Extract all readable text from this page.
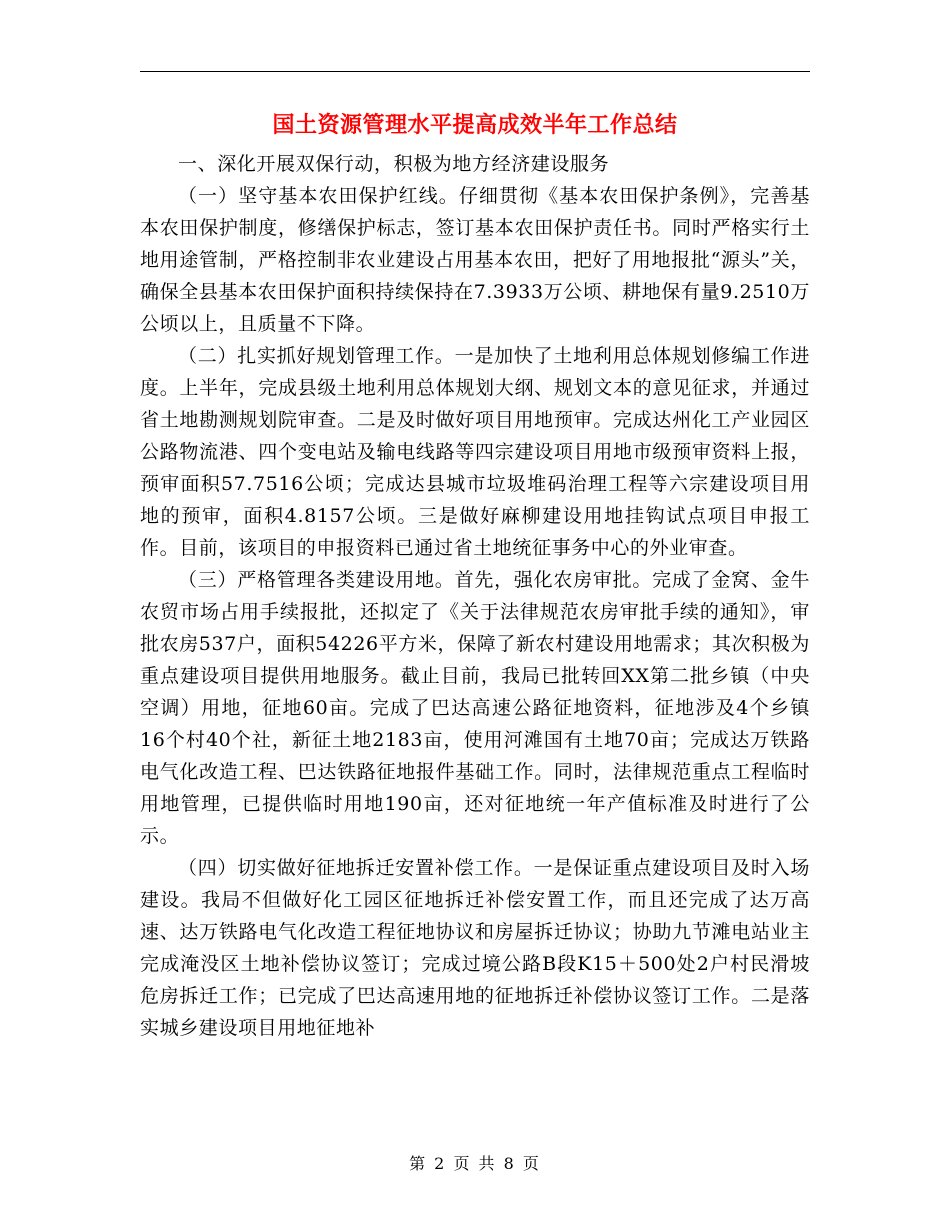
国土资源管理水平提高成效半年工作总结

一、深化开展双保行动，积极为地方经济建设服务

（一）坚守基本农田保护红线。仔细贯彻《基本农田保护条例》，完善基本农田保护制度，修缮保护标志，签订基本农田保护责任书。同时严格实行土地用途管制，严格控制非农业建设占用基本农田，把好了用地报批“源头”关，确保全县基本农田保护面积持续保持在7.3933万公顷、耕地保有量9.2510万公顷以上，且质量不下降。

（二）扎实抓好规划管理工作。一是加快了土地利用总体规划修编工作进度。上半年，完成县级土地利用总体规划大纲、规划文本的意见征求，并通过省土地勘测规划院审查。二是及时做好项目用地预审。完成达州化工产业园区公路物流港、四个变电站及输电线路等四宗建设项目用地市级预审资料上报，预审面积57.7516公顷；完成达县城市垃圾堆码治理工程等六宗建设项目用地的预审，面积4.8157公顷。三是做好麻柳建设用地挂钩试点项目申报工作。目前，该项目的申报资料已通过省土地统征事务中心的外业审查。

（三）严格管理各类建设用地。首先，强化农房审批。完成了金窝、金牛农贸市场占用手续报批，还拟定了《关于法律规范农房审批手续的通知》，审批农房537户，面积54226平方米，保障了新农村建设用地需求；其次积极为重点建设项目提供用地服务。截止目前，我局已批转回XX第二批乡镇（中央空调）用地，征地60亩。完成了巴达高速公路征地资料，征地涉及4个乡镇16个村40个社，新征土地2183亩，使用河滩国有土地70亩；完成达万铁路电气化改造工程、巴达铁路征地报件基础工作。同时，法律规范重点工程临时用地管理，已提供临时用地190亩，还对征地统一年产值标准及时进行了公示。

（四）切实做好征地拆迁安置补偿工作。一是保证重点建设项目及时入场建设。我局不但做好化工园区征地拆迁补偿安置工作，而且还完成了达万高速、达万铁路电气化改造工程征地协议和房屋拆迁协议；协助九节滩电站业主完成淹没区土地补偿协议签订；完成过境公路B段K15＋500处2户村民滑坡危房拆迁工作；已完成了巴达高速用地的征地拆迁补偿协议签订工作。二是落实城乡建设项目用地征地补

第 2 页 共 8 页
